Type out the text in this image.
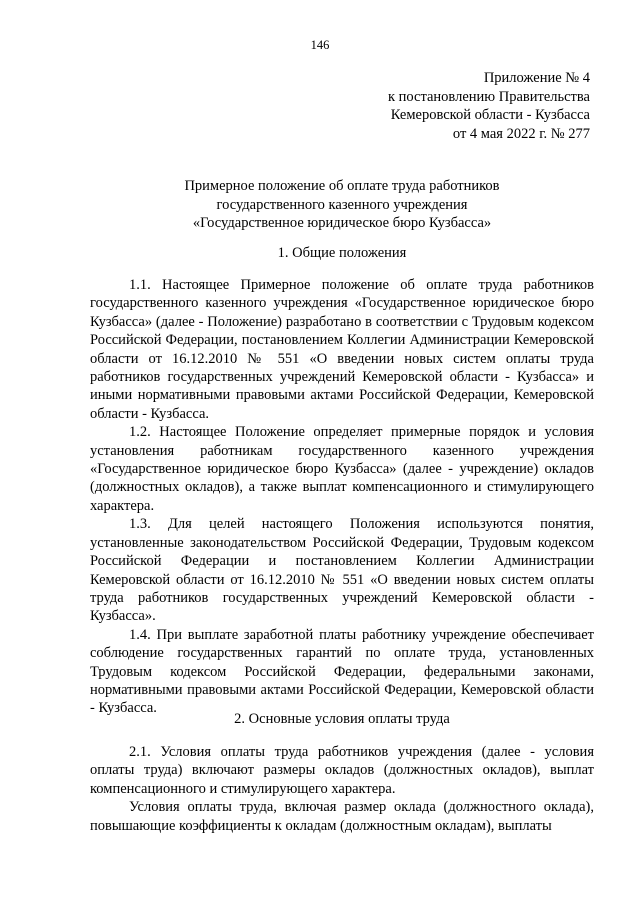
146
Приложение № 4
к постановлению Правительства
Кемеровской области - Кузбасса
от 4 мая 2022 г. № 277
Примерное положение об оплате труда работников
государственного казенного учреждения
«Государственное юридическое бюро Кузбасса»
1. Общие положения

1.1. Настоящее Примерное положение об оплате труда работников государственного казенного учреждения «Государственное юридическое бюро Кузбасса» (далее - Положение) разработано в соответствии с Трудовым кодексом Российской Федерации, постановлением Коллегии Администрации Кемеровской области от 16.12.2010 № 551 «О введении новых систем оплаты труда работников государственных учреждений Кемеровской области - Кузбасса» и иными нормативными правовыми актами Российской Федерации, Кемеровской области - Кузбасса.

1.2. Настоящее Положение определяет примерные порядок и условия установления работникам государственного казенного учреждения «Государственное юридическое бюро Кузбасса» (далее - учреждение) окладов (должностных окладов), а также выплат компенсационного и стимулирующего характера.

1.3. Для целей настоящего Положения используются понятия, установленные законодательством Российской Федерации, Трудовым кодексом Российской Федерации и постановлением Коллегии Администрации Кемеровской области от 16.12.2010 № 551 «О введении новых систем оплаты труда работников государственных учреждений Кемеровской области - Кузбасса».

1.4. При выплате заработной платы работнику учреждение обеспечивает соблюдение государственных гарантий по оплате труда, установленных Трудовым кодексом Российской Федерации, федеральными законами, нормативными правовыми актами Российской Федерации, Кемеровской области - Кузбасса.

2. Основные условия оплаты труда

2.1. Условия оплаты труда работников учреждения (далее - условия оплаты труда) включают размеры окладов (должностных окладов), выплат компенсационного и стимулирующего характера.

Условия оплаты труда, включая размер оклада (должностного оклада), повышающие коэффициенты к окладам (должностным окладам), выплаты
